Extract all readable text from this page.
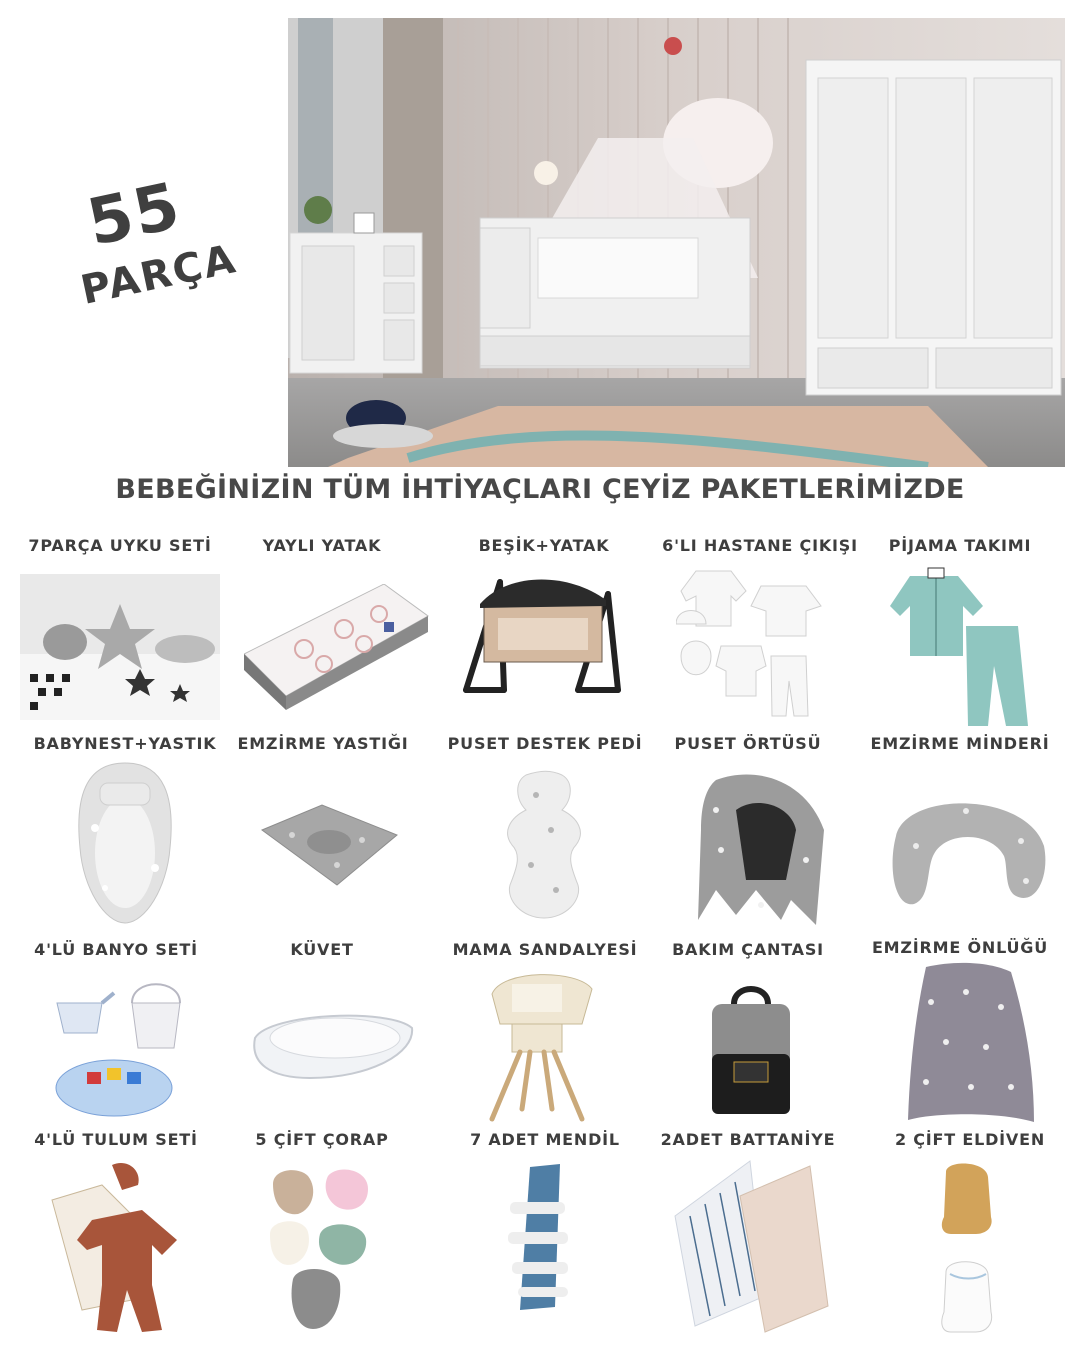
55
PARÇA
BEBEĞİNİZİN TÜM İHTİYAÇLARI ÇEYİZ PAKETLERİMİZDE
7PARÇA UYKU SETİ	YAYLI YATAK	BEŞİK+YATAK	6'LI HASTANE ÇIKIŞI	PİJAMA TAKIMI
BABYNEST+YASTIK	EMZİRME YASTIĞI	PUSET DESTEK PEDİ	PUSET ÖRTÜSÜ	EMZİRME MİNDERİ
4'LÜ BANYO SETİ	KÜVET	MAMA SANDALYESİ	BAKIM ÇANTASI	EMZİRME ÖNLÜĞÜ
4'LÜ TULUM SETİ	5 ÇİFT ÇORAP	7 ADET MENDİL	2ADET BATTANİYE	2 ÇİFT ELDİVEN
